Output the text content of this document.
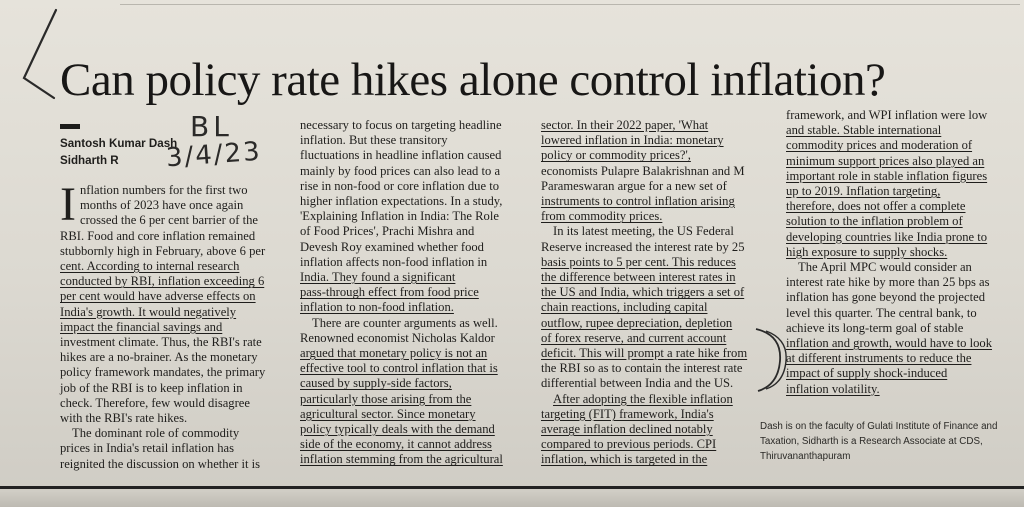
Can policy rate hikes alone control inflation?
Santosh Kumar Dash
Sidharth R

I nflation numbers for the first two
months of 2023 have once again
crossed the 6 per cent barrier of the
RBI. Food and core inflation remained
stubbornly high in February, above 6 per
cent. According to internal research
conducted by RBI, inflation exceeding 6
per cent would have adverse effects on
India's growth. It would negatively
impact the financial savings and
investment climate. Thus, the RBI's rate
hikes are a no-brainer. As the monetary
policy framework mandates, the primary
job of the RBI is to keep inflation in
check. Therefore, few would disagree
with the RBI's rate hikes.
The dominant role of commodity
prices in India's retail inflation has
reignited the discussion on whether it is

BL
3/4/23
necessary to focus on targeting headline
inflation. But these transitory
fluctuations in headline inflation caused
mainly by food prices can also lead to a
rise in non-food or core inflation due to
higher inflation expectations. In a study,
'Explaining Inflation in India: The Role
of Food Prices', Prachi Mishra and
Devesh Roy examined whether food
inflation affects non-food inflation in
India. They found a significant
pass-through effect from food price
inflation to non-food inflation.
There are counter arguments as well.
Renowned economist Nicholas Kaldor
argued that monetary policy is not an
effective tool to control inflation that is
caused by supply-side factors,
particularly those arising from the
agricultural sector. Since monetary
policy typically deals with the demand
side of the economy, it cannot address
inflation stemming from the agricultural
sector. In their 2022 paper, 'What
lowered inflation in India: monetary
policy or commodity prices?',
economists Pulapre Balakrishnan and M
Parameswaran argue for a new set of
instruments to control inflation arising
from commodity prices.
In its latest meeting, the US Federal
Reserve increased the interest rate by 25
basis points to 5 per cent. This reduces
the difference between interest rates in
the US and India, which triggers a set of
chain reactions, including capital
outflow, rupee depreciation, depletion
of forex reserve, and current account
deficit. This will prompt a rate hike from
the RBI so as to contain the interest rate
differential between India and the US.
After adopting the flexible inflation
targeting (FIT) framework, India's
average inflation declined notably
compared to previous periods. CPI
inflation, which is targeted in the
framework, and WPI inflation were low
and stable. Stable international
commodity prices and moderation of
minimum support prices also played an
important role in stable inflation figures
up to 2019. Inflation targeting,
therefore, does not offer a complete
solution to the inflation problem of
developing countries like India prone to
high exposure to supply shocks.
The April MPC would consider an
interest rate hike by more than 25 bps as
inflation has gone beyond the projected
level this quarter. The central bank, to
achieve its long-term goal of stable
inflation and growth, would have to look
at different instruments to reduce the
impact of supply shock-induced
inflation volatility.
Dash is on the faculty of Gulati Institute of Finance and
Taxation, Sidharth is a Research Associate at CDS,
Thiruvananthapuram
